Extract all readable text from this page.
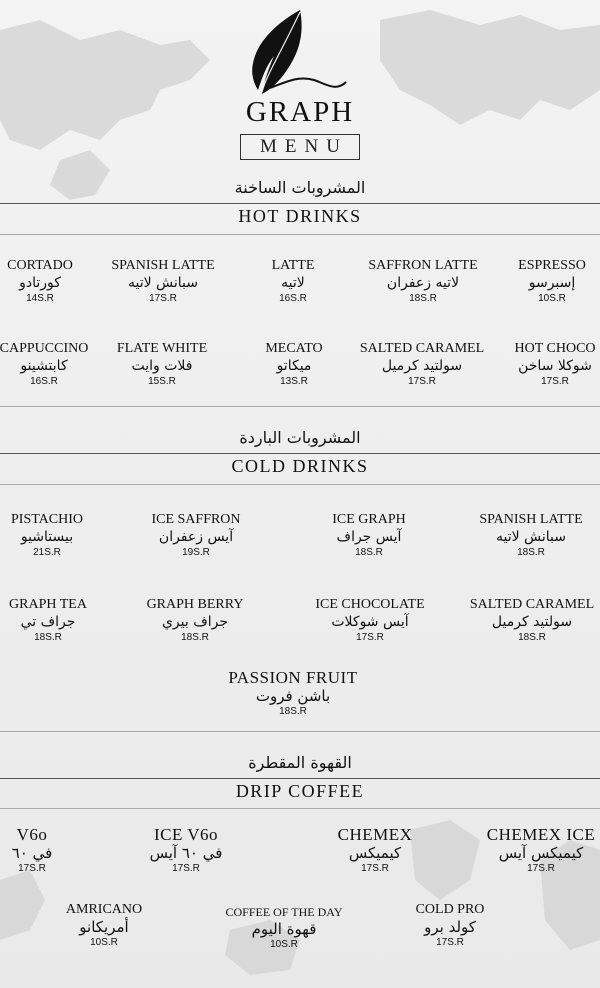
GRAPH
MENU
المشروبات الساخنة
HOT DRINKS
CORTADO
كورتادو
14S.R
SPANISH LATTE
سبانش لاتيه
17S.R
LATTE
لاتيه
16S.R
SAFFRON LATTE
لاتيه زعفران
18S.R
ESPRESSO
إسبرسو
10S.R
CAPPUCCINO
كابتشينو
16S.R
FLATE WHITE
فلات وايت
15S.R
MECATO
ميكاتو
13S.R
SALTED CARAMEL
سولتيد كرميل
17S.R
HOT CHOCO
شوكلا ساخن
17S.R
المشروبات الباردة
COLD DRINKS
PISTACHIO
بيستاشيو
21S.R
ICE SAFFRON
آيس زعفران
19S.R
ICE GRAPH
آيس جراف
18S.R
SPANISH LATTE
سبانش لاتيه
18S.R
GRAPH TEA
جراف تي
18S.R
GRAPH BERRY
جراف بيري
18S.R
ICE CHOCOLATE
آيس شوكلات
17S.R
SALTED CARAMEL
سولتيد كرميل
18S.R
PASSION FRUIT
باشن فروت
18S.R
القهوة المقطرة
DRIP COFFEE
V6o
في ٦٠
17S.R
ICE V6o
في ٦٠ آيس
17S.R
CHEMEX
كيميكس
17S.R
CHEMEX ICE
كيميكس آيس
17S.R
AMRICANO
أمريكانو
10S.R
COFFEE OF THE DAY
قهوة اليوم
10S.R
COLD PRO
كولد برو
17S.R
